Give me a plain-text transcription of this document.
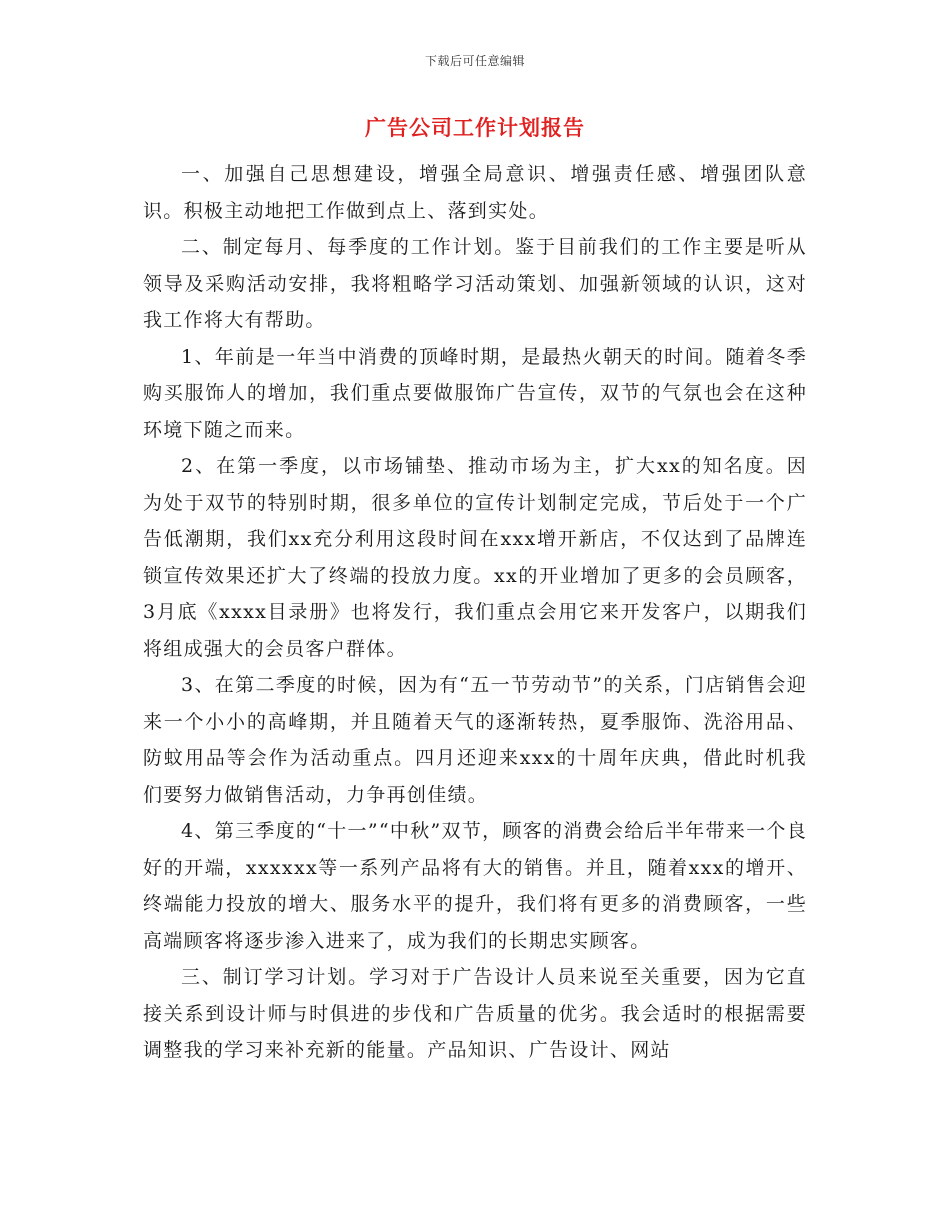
下载后可任意编辑
广告公司工作计划报告

一、加强自己思想建设，增强全局意识、增强责任感、增强团队意识。积极主动地把工作做到点上、落到实处。

二、制定每月、每季度的工作计划。鉴于目前我们的工作主要是听从领导及采购活动安排，我将粗略学习活动策划、加强新领域的认识，这对我工作将大有帮助。

1、年前是一年当中消费的顶峰时期，是最热火朝天的时间。随着冬季购买服饰人的增加，我们重点要做服饰广告宣传，双节的气氛也会在这种环境下随之而来。

2、在第一季度，以市场铺垫、推动市场为主，扩大xx的知名度。因为处于双节的特别时期，很多单位的宣传计划制定完成，节后处于一个广告低潮期，我们xx充分利用这段时间在xxx增开新店，不仅达到了品牌连锁宣传效果还扩大了终端的投放力度。xx的开业增加了更多的会员顾客，3月底《xxxx目录册》也将发行，我们重点会用它来开发客户，以期我们将组成强大的会员客户群体。

3、在第二季度的时候，因为有“五一节劳动节”的关系，门店销售会迎来一个小小的高峰期，并且随着天气的逐渐转热，夏季服饰、洗浴用品、防蚊用品等会作为活动重点。四月还迎来xxx的十周年庆典，借此时机我们要努力做销售活动，力争再创佳绩。

4、第三季度的“十一”“中秋”双节，顾客的消费会给后半年带来一个良好的开端，xxxxxx等一系列产品将有大的销售。并且，随着xxx的增开、终端能力投放的增大、服务水平的提升，我们将有更多的消费顾客，一些高端顾客将逐步渗入进来了，成为我们的长期忠实顾客。

三、制订学习计划。学习对于广告设计人员来说至关重要，因为它直接关系到设计师与时俱进的步伐和广告质量的优劣。我会适时的根据需要调整我的学习来补充新的能量。产品知识、广告设计、网站
